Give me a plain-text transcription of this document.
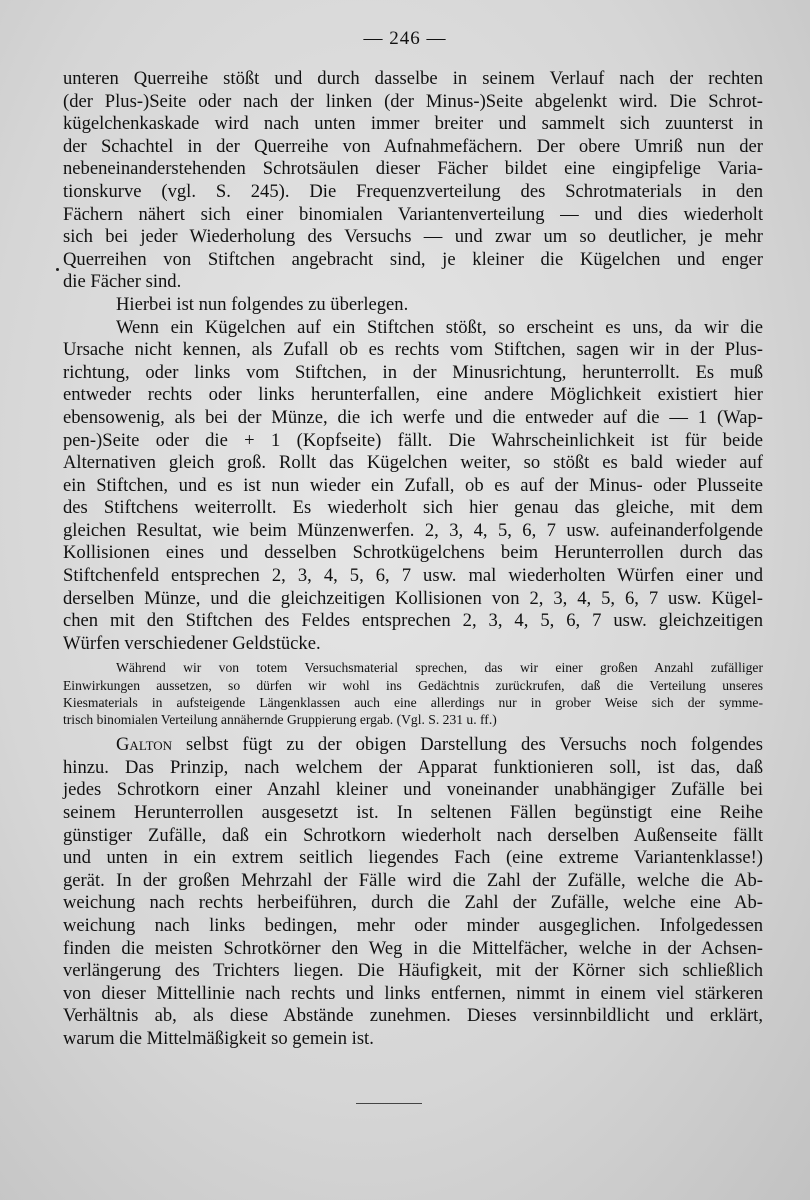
— 246 —
unteren Querreihe stößt und durch dasselbe in seinem Verlauf nach der rechten
(der Plus-)Seite oder nach der linken (der Minus-)Seite abgelenkt wird. Die Schrot-
kügelchenkaskade wird nach unten immer breiter und sammelt sich zuunterst in
der Schachtel in der Querreihe von Aufnahmefächern. Der obere Umriß nun der
nebeneinanderstehenden Schrotsäulen dieser Fächer bildet eine eingipfelige Varia-
tionskurve (vgl. S. 245). Die Frequenzverteilung des Schrotmaterials in den
Fächern nähert sich einer binomialen Variantenverteilung — und dies wiederholt
sich bei jeder Wiederholung des Versuchs — und zwar um so deutlicher, je mehr
Querreihen von Stiftchen angebracht sind, je kleiner die Kügelchen und enger
die Fächer sind.
Hierbei ist nun folgendes zu überlegen.
Wenn ein Kügelchen auf ein Stiftchen stößt, so erscheint es uns, da wir die
Ursache nicht kennen, als Zufall ob es rechts vom Stiftchen, sagen wir in der Plus-
richtung, oder links vom Stiftchen, in der Minusrichtung, herunterrollt. Es muß
entweder rechts oder links herunterfallen, eine andere Möglichkeit existiert hier
ebensowenig, als bei der Münze, die ich werfe und die entweder auf die — 1 (Wap-
pen-)Seite oder die + 1 (Kopfseite) fällt. Die Wahrscheinlichkeit ist für beide
Alternativen gleich groß. Rollt das Kügelchen weiter, so stößt es bald wieder auf
ein Stiftchen, und es ist nun wieder ein Zufall, ob es auf der Minus- oder Plusseite
des Stiftchens weiterrollt. Es wiederholt sich hier genau das gleiche, mit dem
gleichen Resultat, wie beim Münzenwerfen. 2, 3, 4, 5, 6, 7 usw. aufeinanderfolgende
Kollisionen eines und desselben Schrotkügelchens beim Herunterrollen durch das
Stiftchenfeld entsprechen 2, 3, 4, 5, 6, 7 usw. mal wiederholten Würfen einer und
derselben Münze, und die gleichzeitigen Kollisionen von 2, 3, 4, 5, 6, 7 usw. Kügel-
chen mit den Stiftchen des Feldes entsprechen 2, 3, 4, 5, 6, 7 usw. gleichzeitigen
Würfen verschiedener Geldstücke.
Während wir von totem Versuchsmaterial sprechen, das wir einer großen Anzahl zufälliger
Einwirkungen aussetzen, so dürfen wir wohl ins Gedächtnis zurückrufen, daß die Verteilung unseres
Kiesmaterials in aufsteigende Längenklassen auch eine allerdings nur in grober Weise sich der symme-
trisch binomialen Verteilung annähernde Gruppierung ergab. (Vgl. S. 231 u. ff.)
Galton selbst fügt zu der obigen Darstellung des Versuchs noch folgendes
hinzu. Das Prinzip, nach welchem der Apparat funktionieren soll, ist das, daß
jedes Schrotkorn einer Anzahl kleiner und voneinander unabhängiger Zufälle bei
seinem Herunterrollen ausgesetzt ist. In seltenen Fällen begünstigt eine Reihe
günstiger Zufälle, daß ein Schrotkorn wiederholt nach derselben Außenseite fällt
und unten in ein extrem seitlich liegendes Fach (eine extreme Variantenklasse!)
gerät. In der großen Mehrzahl der Fälle wird die Zahl der Zufälle, welche die Ab-
weichung nach rechts herbeiführen, durch die Zahl der Zufälle, welche eine Ab-
weichung nach links bedingen, mehr oder minder ausgeglichen. Infolgedessen
finden die meisten Schrotkörner den Weg in die Mittelfächer, welche in der Achsen-
verlängerung des Trichters liegen. Die Häufigkeit, mit der Körner sich schließlich
von dieser Mittellinie nach rechts und links entfernen, nimmt in einem viel stärkeren
Verhältnis ab, als diese Abstände zunehmen. Dieses versinnbildlicht und erklärt,
warum die Mittelmäßigkeit so gemein ist.
